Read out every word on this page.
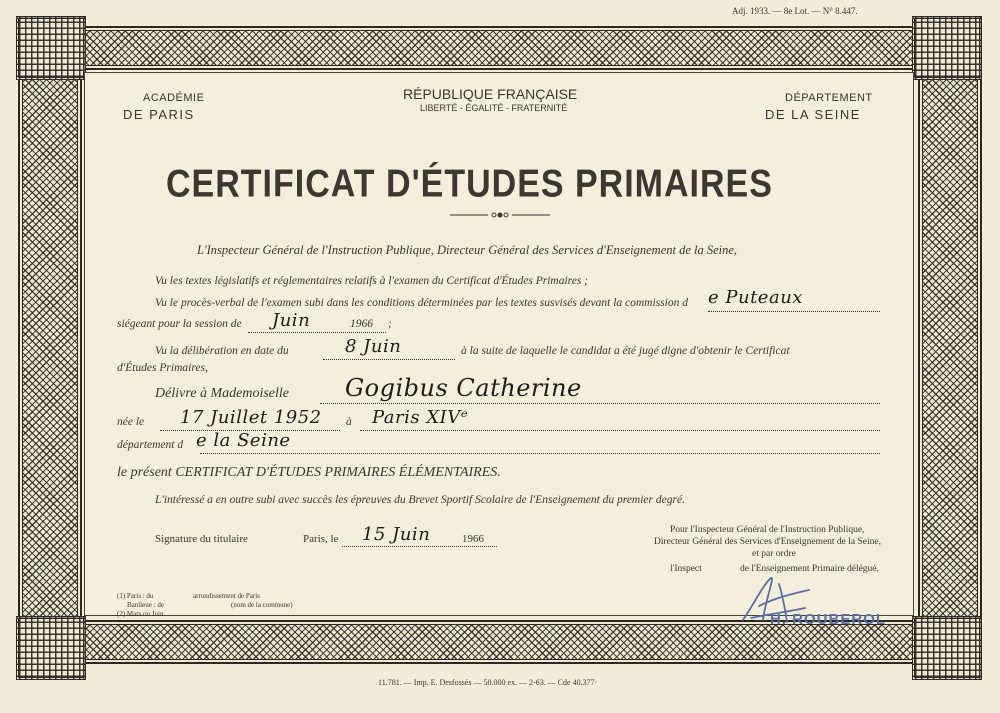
Adj. 1933. — 8e Lot. — N° 8.447.
ACADÉMIE
DE PARIS
RÉPUBLIQUE FRANÇAISE
LIBERTÉ - ÉGALITÉ - FRATERNITÉ
DÉPARTEMENT
DE LA SEINE
CERTIFICAT D'ÉTUDES PRIMAIRES
L'Inspecteur Général de l'Instruction Publique, Directeur Général des Services d'Enseignement de la Seine,
Vu les textes législatifs et réglementaires relatifs à l'examen du Certificat d'Études Primaires ;
Vu le procès-verbal de l'examen subi dans les conditions déterminées par les textes susvisés devant la commission d e Puteaux
siégeant pour la session de Juin	1966 ;
Vu la délibération en date du	8 Juin	à la suite de laquelle le candidat a été jugé digne d'obtenir le Certificat
d'Études Primaires,
Délivre à Mademoiselle Gogibus Catherine
née le 17 Juillet 1952 à Paris XIVᵉ
département d e la Seine
le présent CERTIFICAT D'ÉTUDES PRIMAIRES ÉLÉMENTAIRES.
L'intéressé a en outre subi avec succès les épreuves du Brevet Sportif Scolaire de l'Enseignement du premier degré.
Signature du titulaire	Paris, le 15 Juin	1966
Pour l'Inspecteur Général de l'Instruction Publique,
Directeur Général des Services d'Enseignement de la Seine,
et par ordre
l'Inspect	de l'Enseignement Primaire délégué,
H. ROUBEROL
(1) Paris : du	arrondissement de Paris
Banlieue : de	(nom de la commune)
(2) Mars ou Juin.
11.781. — Imp. E. Desfossés — 50.000 ex. — 2-63. — Cde 40.377·
